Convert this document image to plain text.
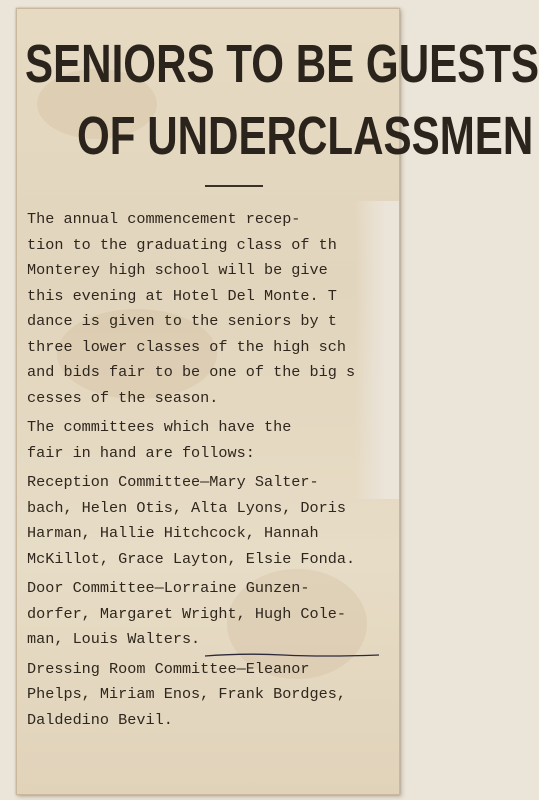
SENIORS TO BE GUESTS
OF UNDERCLASSMEN

The annual commencement recep-
tion to the graduating class of th
Monterey high school will be give
this evening at Hotel Del Monte. T
dance is given to the seniors by t
three lower classes of the high sch
and bids fair to be one of the big s
cesses of the season.

The committees which have the
fair in hand are follows:

Reception Committee—Mary Salter-
bach, Helen Otis, Alta Lyons, Doris
Harman, Hallie Hitchcock, Hannah
McKillot, Grace Layton, Elsie Fonda.

Door Committee—Lorraine Gunzen-
dorfer, Margaret Wright, Hugh Cole-
man, Louis Walters.

Dressing Room Committee—Eleanor
Phelps, Miriam Enos, Frank Bordges,
Daldedino Bevil.
